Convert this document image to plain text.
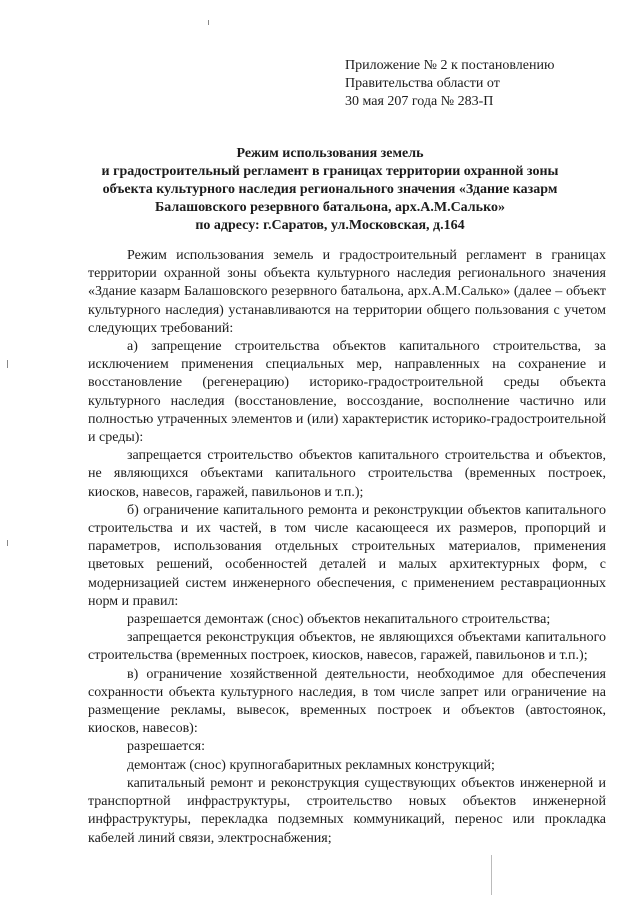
Приложение № 2 к постановлению
Правительства области от
30 мая 207 года № 283-П
Режим использования земель
и градостроительный регламент в границах территории охранной зоны
объекта культурного наследия регионального значения «Здание казарм
Балашовского резервного батальона, арх.А.М.Салько»
по адресу: г.Саратов, ул.Московская, д.164

Режим использования земель и градостроительный регламент в границах территории охранной зоны объекта культурного наследия регионального значения «Здание казарм Балашовского резервного батальона, арх.А.М.Салько» (далее – объект культурного наследия) устанавливаются на территории общего пользования с учетом следующих требований:

а) запрещение строительства объектов капитального строительства, за исключением применения специальных мер, направленных на сохранение и восстановление (регенерацию) историко-градостроительной среды объекта культурного наследия (восстановление, воссоздание, восполнение частично или полностью утраченных элементов и (или) характеристик историко-градостроительной и среды):

запрещается строительство объектов капитального строительства и объектов, не являющихся объектами капитального строительства (временных построек, киосков, навесов, гаражей, павильонов и т.п.);

б) ограничение капитального ремонта и реконструкции объектов капитального строительства и их частей, в том числе касающееся их размеров, пропорций и параметров, использования отдельных строительных материалов, применения цветовых решений, особенностей деталей и малых архитектурных форм, с модернизацией систем инженерного обеспечения, с применением реставрационных норм и правил:

разрешается демонтаж (снос) объектов некапитального строительства;

запрещается реконструкция объектов, не являющихся объектами капитального строительства (временных построек, киосков, навесов, гаражей, павильонов и т.п.);

в) ограничение хозяйственной деятельности, необходимое для обеспечения сохранности объекта культурного наследия, в том числе запрет или ограничение на размещение рекламы, вывесок, временных построек и объектов (автостоянок, киосков, навесов):

разрешается:

демонтаж (снос) крупногабаритных рекламных конструкций;

капитальный ремонт и реконструкция существующих объектов инженерной и транспортной инфраструктуры, строительство новых объектов инженерной инфраструктуры, перекладка подземных коммуникаций, перенос или прокладка кабелей линий связи, электроснабжения;
